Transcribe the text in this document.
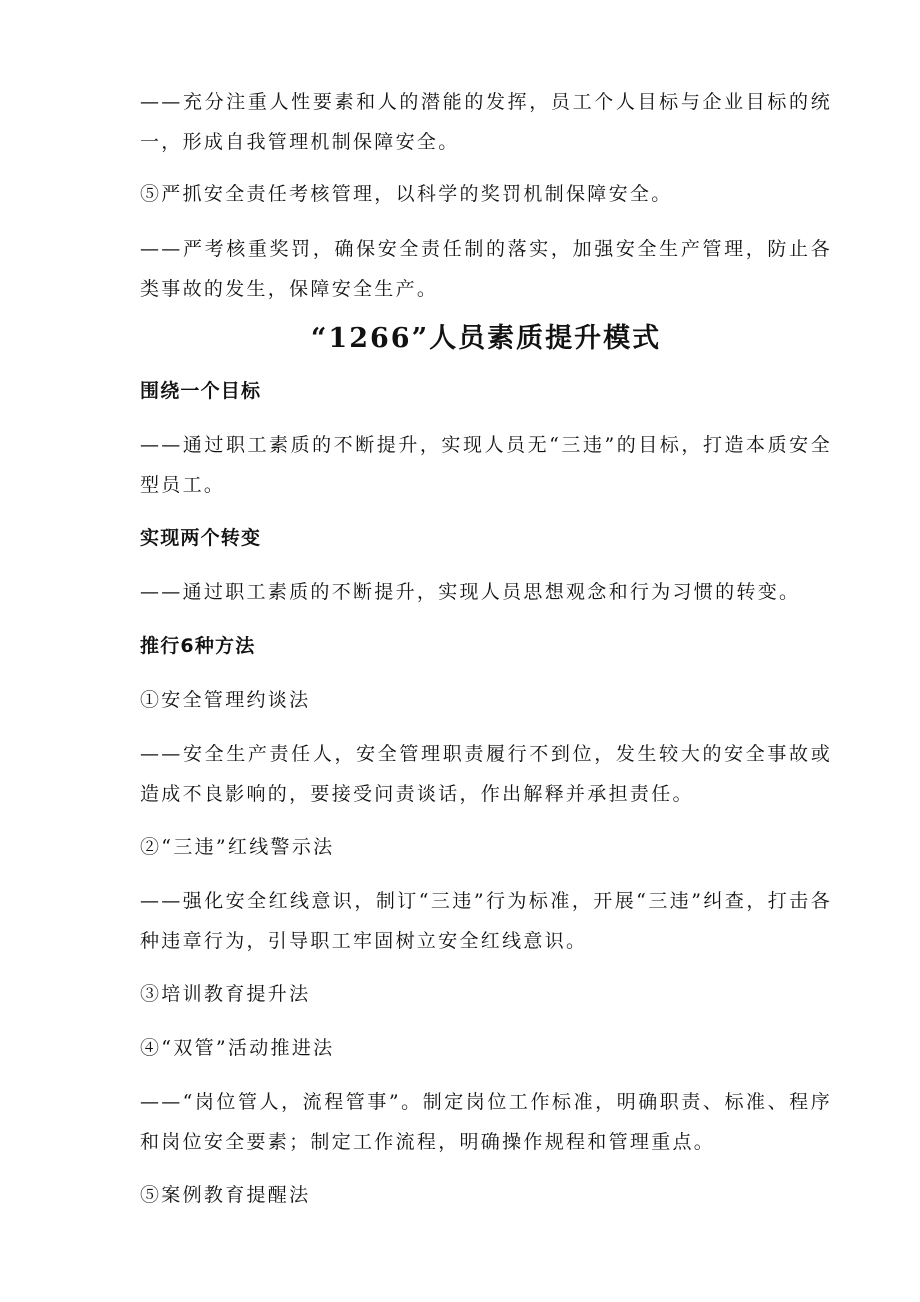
——充分注重人性要素和人的潜能的发挥，员工个人目标与企业目标的统一，形成自我管理机制保障安全。

⑤严抓安全责任考核管理，以科学的奖罚机制保障安全。

——严考核重奖罚，确保安全责任制的落实，加强安全生产管理，防止各类事故的发生，保障安全生产。

“1266”人员素质提升模式
围绕一个目标

——通过职工素质的不断提升，实现人员无“三违”的目标，打造本质安全型员工。

实现两个转变

——通过职工素质的不断提升，实现人员思想观念和行为习惯的转变。

推行6种方法

①安全管理约谈法

——安全生产责任人，安全管理职责履行不到位，发生较大的安全事故或造成不良影响的，要接受问责谈话，作出解释并承担责任。

②“三违”红线警示法

——强化安全红线意识，制订“三违”行为标准，开展“三违”纠查，打击各种违章行为，引导职工牢固树立安全红线意识。

③培训教育提升法

④“双管”活动推进法

——“岗位管人，流程管事”。制定岗位工作标准，明确职责、标准、程序和岗位安全要素；制定工作流程，明确操作规程和管理重点。

⑤案例教育提醒法
